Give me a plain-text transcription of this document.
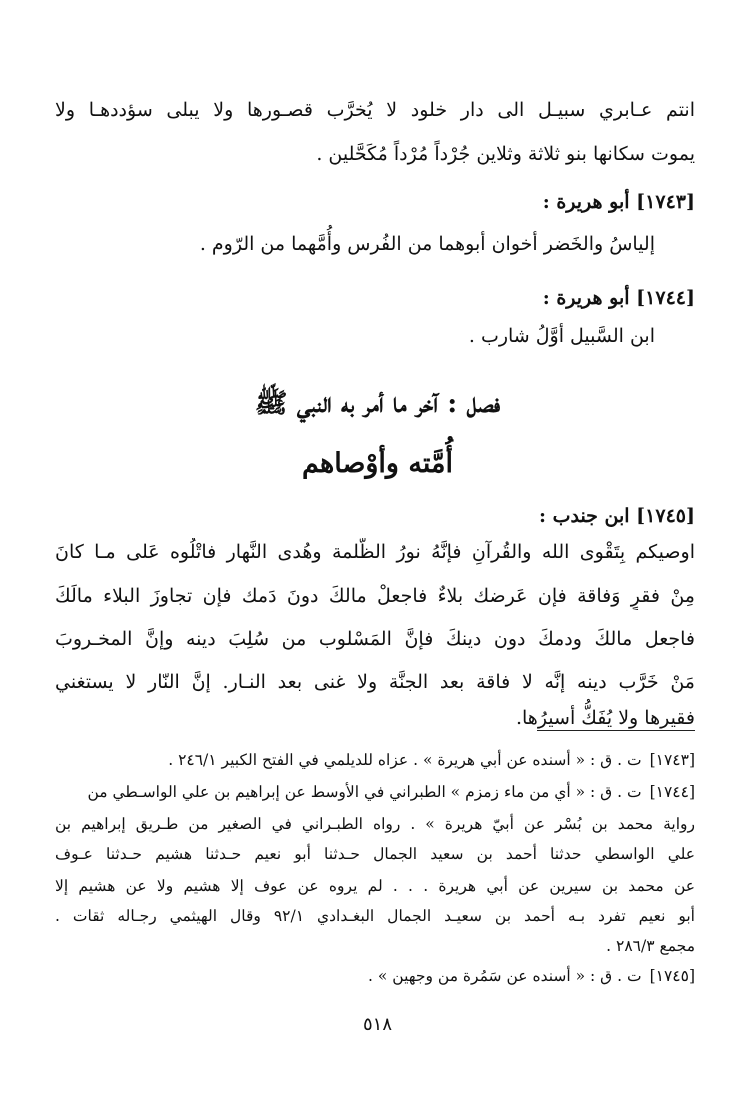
انتم عـابري سبيـل الى دار خلود لا يُخرَّب قصـورها ولا يبلى سؤددهـا ولا
يموت سكانها بنو ثلاثة وثلاين جُرْداً مُرْداً مُكَحَّلين .
[١٧٤٣] أبو هريرة :
إلياسُ والخَضر أخوان أبوهما من الفُرس وأُمَّهما من الرّوم .
[١٧٤٤] أبو هريرة :
ابن السَّبيل أوَّلُ شارب .
فصل : آخر ما أمر به النبي ﷺ
أُمَّته وأوْصاهم
[١٧٤٥] ابن جندب :
اوصيكم بِتَقْوى الله والقُرآنِ فإنَّهُ نورُ الظُّلمة وهُدى النَّهار فاتْلُوه عَلى مـا كانَ
مِنْ فقرٍ وَفاقة فإن عَرضك بلاءٌ فاجعلْ مالكَ دونَ دَمك فإن تجاوزَ البلاء مالَكَ
فاجعل مالكَ ودمكَ دون دينكَ فإنَّ المَسْلوب من سُلِبَ دينه وإنَّ المخـروبَ
مَنْ خَرَّب دينه إنَّه لا فاقة بعد الجنَّة ولا غنى بعد النـار. إنَّ النّار لا يستغني
فقيرها ولا يُفَكُّ أسيرُها.
[١٧٤٣]ت . ق : « أسنده عن أبي هريرة » . عزاه للديلمي في الفتح الكبير ٢٤٦/١ .
[١٧٤٤]ت . ق : « أي من ماء زمزم » الطبراني في الأوسط عن إبراهيم بن علي الواسـطي من
رواية محمد بن بُسْر عن أبيّ هريرة » . رواه الطبـراني في الصغير من طـريق إبراهيم بن
علي الواسطي حدثنا أحمد بن سعيد الجمال حـدثنا أبو نعيم حـدثنا هشيم حـدثنا عـوف
عن محمد بن سيرين عن أبي هريرة . . . لم يروه عن عوف إلا هشيم ولا عن هشيم إلا
أبو نعيم تفرد بـه أحمد بن سعيـد الجمال البغـدادي ٩٢/١ وقال الهيثمي رجـاله ثقات .
مجمع ٢٨٦/٣ .
[١٧٤٥]ت . ق : « أسنده عن سَمُرة من وجهين » .
٥١٨
